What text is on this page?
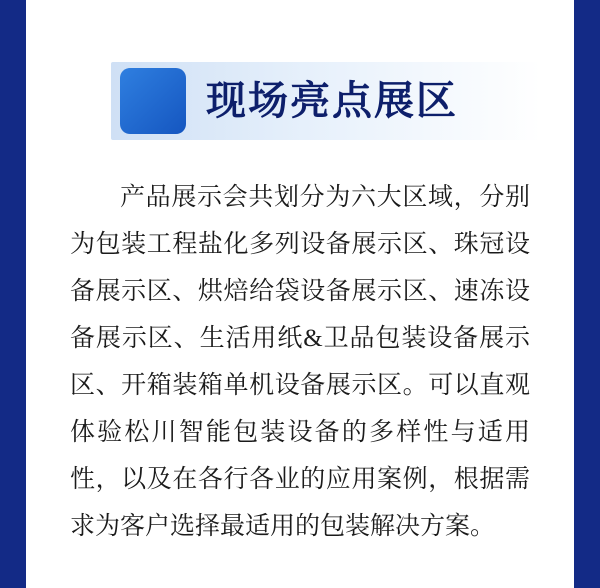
现场亮点展区

产品展示会共划分为六大区域，分别为包装工程盐化多列设备展示区、珠冠设备展示区、烘焙给袋设备展示区、速冻设备展示区、生活用纸&卫品包装设备展示区、开箱装箱单机设备展示区。可以直观体验松川智能包装设备的多样性与适用性，以及在各行各业的应用案例，根据需求为客户选择最适用的包装解决方案。
